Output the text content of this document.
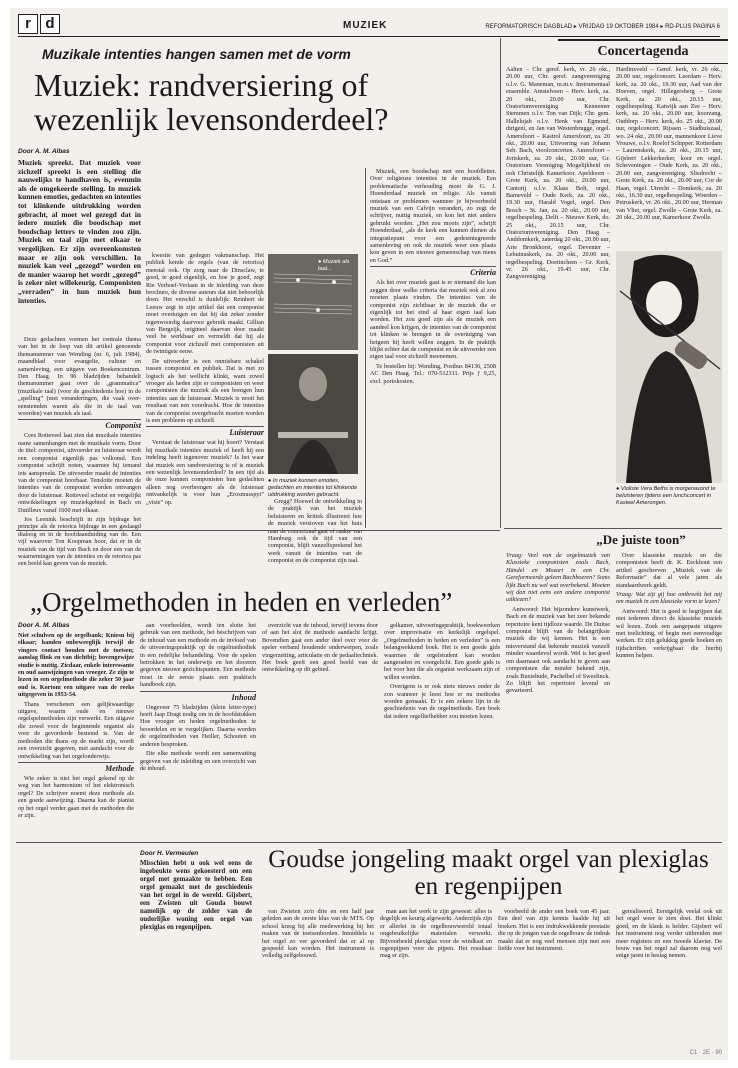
r d	MUZIEK	REFORMATORISCH DAGBLAD ▸ VRIJDAG 19 OKTOBER 1984 ▸ RD-PLUS PAGINA 6
Muzikale intenties hangen samen met de vorm
Muziek: randversiering of wezenlijk levensonderdeel?

Door A. M. Albas

Muziek spreekt. Dat muziek voor zichzelf spreekt is een stelling die nauwelijks te handhaven is, evenmin als de omgekeerde stelling. In muziek kunnen emoties, gedachten en intenties tot klinkende uitdrukking worden gebracht, al moet wel gezegd dat in iedere muziek die boodschap met boodschap letters te vinden zou zijn. Muziek en taal zijn met elkaar te vergelijken. Er zijn overeenkomsten maar er zijn ook verschillen. In muziek kan veel „gezegd” worden en de manier waarop het wordt „gezegd” is zeker niet willekeurig. Componisten „verraden” in hun muziek hun intenties.

Deze gedachten vormen het centrale thema van het in de loop van dit artikel genoemde themanummer van Wending (nr. 6, juli 1984), maandblad voor evangelie, cultuur en samenleving, een uitgave van Boekencentrum. Den Haag. In 96 bladzijden behandelt themanummer gaat over de „grammatica” (muzikale taal) (voor de geschiedenis hoe) in de „spelling” (met veranderingen, die vaak over- eenstemden waren als die in de taal van woorden) van muziek als taal.

Componist

Cees Rotteveel laat zien dat muzikale intenties nauw samenhangen met de muzikale vorm. Door de titel: componist, uitvoerder en luisteraar wordt een componist eigenlijk pas volkomd. Een componist schrijft noten, waarmee hij iemand iets aanspreekt. De uitvoerder maakt de intenties van de componist hoorbaar. Tenslotte moeten de intenties van de componist worden ontvangen door de luisteraar. Rotteveel schetst en vergelijkt ontwikkelingen op muziekgebied in Bach en Dutilleux vanaf 1600 met elkaar.

Jos Leenink beschrijft in zijn bijdrage het principe als de retorica bijdrage in een geslaagd dialoog en in de hoofdaanduiding van de. Een vijf waarover Ton Koopman hoor, dat er in de muziek van de tijd van Bach en door een van de waarnemingen van de intenties en de retorica pas een beeld kan geven van de muziek.

kwestie van gedegen vakmanschap. Het publiek kende de regels (van de retorica) meestal ook. Op zorg naar de Dinsclaw, te goed, te goed eigenlijk, en hoe je goed, zegt Rie Verhoef-Verlaan in de inleiding van deze brochure, de diverse auteurs dat niet behoorlijk doen. Het verschil is duidelijk: Reinhert de Leeuw zegt in zijn artikel dat een componist moet overtuigen en dat hij dat zeker zonder tegenwoordig daarvoor gebruik maakt. Gillian van Bergeijk, origineel daarvan door maakt veel be werkbaar en vermeldt dat hij als componist voor zichzelf met componisten uit de twintigste eeuw.

De uitvoerder is een onmisbare schakel tussen componist en publiek. Dat is met zo logisch als het wellicht klinkt, want zowel vroeger als heden zijn er componisten en weer componisten die muziek als een brengen hun intenties aan de luisteraar. Muziek is nooit het resultaat van een voordracht. Hoe de intenties van de componist overgebracht moeten worden is een probleem op zichzelf.

Luisteraar

Verstaat de luisteraar wat hij hoort? Verstaat hij muzikale intenties muziek of heeft hij een indeling heeft tegenover muziek? Is het waar dat muziek een randversiering is of is muziek een wezenlijk levensonderdeel? In een tijd als de onze kunnen componisten hun gedachten alleen nog overbrengen als de luisteraar ontvankelijk is voor hun „Erosmusspyt” „visie” op.

● Muziek als taal...
● In muziek kunnen emoties, gedachten en intenties tot klinkende uitdrukking worden gebracht.

Gregg? Hoewel de ontwikkeling in de praktijk van het muziek beluisteren en kritiek illustreert hoe de muziek verstoven van het huis naar de concertzaal gaat of raakte van Hamburg ook de tijd van een componist, blijft vanzelfsprekend het werk vanuit de intenties van de componist en de componist zijn taal.

Muziek, een boodschap met een hoofdletter. Over religieuze intenties in de muziek. Een problematische verhouding moet de G. J. Hoenderdaal muziek en religie. Als vanuit ontstaan er problemen wanneer je bijvoorbeeld muziek van een Calvijn verandert, zo zegt de schrijver, nuttig muziek, en kon het niet anders gebruikt worden. „Het zou moois zijn”, schrijft Hoenderdaal, „als de kerk een kunnen dienen als integratiepunt voor een gedesintegreerde samenleving en ook de muziek weer een plaats kon geven in een nieuwe gemeenschap van mens en God.”

Criteria

Als het over muziek gaat is er niemand die kan zeggen door welke criteria dat muziek ook al zou moeten plaats vinden. De intenties van de componist zijn zichtbaar in de muziek die er eigenlijk tot het eind al haar eigen taal kan worden. Het zou goed zijn als de muziek een aandeel kon krijgen, de intenties van de componist tot klinken te brengen in de overtuiging van hetgeen hij heeft willen zeggen. In de praktijk blijkt echter dat de componist en de uitvoerder een eigen taal voor zichzelf meenemen.

Te bestellen bij: Wending, Postbus 84136, 2508 AC Den Haag. Tel.: 070-512311. Prijs ƒ 9,25, excl. portokosten.

Concertagenda

Aalten – Chr. geref. kerk, vr. 26 okt., 20.00 uur, Chr. geref. zangvereniging o.l.v. G. Maneman, m.m.v. Instrumentaal ensemble. Amstelveen – Herv. kerk, za. 20 okt., 20.00 uur, Chr. Oratoriumvereniging Kennemer Stemmen o.l.v. Ton van Dijk; Chr. gem. Hallelujah o.l.v. Henk van Egmond, dirigent, en Jan van Westenbrugge, orgel. Amersfoort – Kastrol Amersfoort, za. 20 okt., 20.00 uur, Uitvoering van Johann Seb. Bach, vioolconcerten. Amersfoort – Joriskerk, za. 20 okt., 20.00 uur, Gr. Oratorium Vereniging Mogelijkheid en ook Christelijk Kamerkoor. Apeldoorn – Grote Kerk, za. 20 okt., 20.00 uur, Cantorij o.l.v. Klaas Bolt, orgel. Barneveld – Oude Kerk, za. 20 okt., 19.30 uur, Harald Vogel, orgel. Den Bosch – St. Jan, za. 20 okt., 20.00 uur, orgelbespeling. Delft – Nieuwe Kerk, do. 25 okt., 20.15 uur, Chr. Oratoriumvereniging. Den Haag – Anddomkerk, zaterdag 20 okt., 20.00 uur, Arie Bronkhorst, orgel. Deventer – Lebuinuskerk, za. 20 okt., 20.00 uur, orgelbespeling. Doetinchem – Gr. Kerk, vr. 26 okt., 19.45 uur, Chr. Zangvereniging.

Hardinxveld – Geref. kerk, vr. 26 okt., 20.00 uur, orgelconcert. Leerdam – Herv. kerk, za. 20 okt., 19.30 uur, Aad van der Hoeven, orgel. Hillegersberg – Grote Kerk, za. 20 okt., 20.15 uur, orgelbespeling. Katwijk aan Zee – Herv. kerk, za. 20 okt., 20.00 uur, koorzang. Ouddorp – Herv. kerk, do. 25 okt., 20.00 uur, orgelconcert. Rijssen – Stadhuiszaal, wo. 24 okt., 20.00 uur, mannenkoor Lieve Vrouwe, o.l.v. Roelof Schipper. Rotterdam – Laurenskerk, za. 20 okt., 20.15 uur, Gijsbert Lekkerkerker, koor en orgel. Scheveningen – Oude Kerk, za. 20 okt., 20.00 uur, zangvereniging. Sliedrecht – Grote Kerk, za. 20 okt., 20.00 uur, Cor de Haan, orgel. Utrecht – Domkerk, za. 20 okt., 16.30 uur, orgelbespeling. Woerden – Petruskerk, vr. 26 okt., 20.00 uur, Herman van Vliet, orgel. Zwolle – Grote Kerk, za. 20 okt., 20.00 uur, Kamerkoor Zwolle.

● Violiste Vera Beths is morgenavond te beluisteren tijdens een lunchconcert in Kasteel Amerongen.
„De juiste toon”

Vraag: Veel van de orgelmuziek van Klassieke componisten zoals Bach, Händel en Mozart in een Chr. Gereformeerde geleen Bachboeren? Soms lijkt Bach nu wel wat overbekend. Moeten wij dan niet eens een andere componist uitkiezen?

Antwoord: Het bijzondere kunstwerk, Bach en de muziek van het zeer bekende repertoire kent tijdloze waarde. De Duitse componist blijft van de belangrijkste muziek die wij kennen. Het is een misverstand dat bekende muziek vanzelf minder waardevol wordt. Wel is het goed om daarnaast ook aandacht te geven aan componisten die minder bekend zijn, zoals Buxtehude, Pachelbel of Sweelinck. Zo blijft het repertoire levend en gevarieerd.

Over klassieke muziek en die componisten heeft dr. K. Eeckhout een artikel geschreven „Muziek van de Reformatie” dat al vele jaren als standaardwerk geldt.

Vraag: Wat zijt gij hoe ontbreekt het mij om muziek in een klassieke vorm te lezen?

Antwoord: Het is goed te begrijpen dat niet iedereen direct de klassieke muziek wil lezen. Zoek een aangepaste uitgave met toelichting, of begin met eenvoudige werken. Er zijn gelukkig goede boeken en tijdschriften verkrijgbaar die hierbij kunnen helpen.

„Orgelmethoden in heden en verleden”

Door A. M. Albas

Niet schulven op de orgelbank; Kniesn bij elkaar; handen onbeweeglijk terwijl de vingers contact houden met de toetsen; aanslag flink en van dichtbij; bovengewijze studie is nuttig. Zicdaar, enkele interessante en oud aanwijzingen van vroeger. Ze zijn te lezen in een orgelmethode die zeker 50 jaar oud is. Kortom een uitgave van de reeks uitgegeven in 1953-54.

Thans verschenen een gelijkwaardige uitgave, waarin oude en nieuwe orgelspelmethoden zijn verwerkt. Een uitgave die zowel voor de beginnende organist als voor de gevorderde bestemd is. Van de methoden die thans op de markt zijn, wordt een overzicht gegeven, met aandacht voor de ontwikkeling van het orgelonderwijs.

Methode

Wie zeker is niet het orgel gekend op de weg van het harmonium of het elektronisch orgel? De schrijver noemt deze methode als een goede aanwijzing. Daarna kan de pianist op het orgel verder gaan met de methoden die er zijn.

aan voorbeelden, wordt ten slotte het gebruik van een methode, het beschrijven van de inhoud van een methode en de invloed van de uitvoeringspraktijk op de orgelmethodiek in een redelijke behandeling. Voor de spelen betrokken in het onderwijs en het doceren gegeven nieuwe gezichtspunten. Een methode moet in de eerste plaats een praktisch handboek zijn.

Inhoud

Ongeveer 75 bladzijden (klein letter-type) heeft Jaap Dragt nodig om in de hoofdstukken Hoe vroeger en heden orgelmethoden te beoordelen en te vergelijken. Daarna worden de orgelmethoden van Heiller, Schouten en anderen besproken.

Die elke methode wordt een samenvatting gegeven van de inleiding en een overzicht van de inhoud.

overzicht van de inhoud, terwijl tevens door of aan het slot de methode aandacht krijgt. Bovendien gaat een ander deel over voor de speler verband houdende onderwerpen, zoals vingerzetting, articulatie en de pedaaltechniek. Het boek geeft een goed beeld van de ontwikkeling op dit gebied.

gelkamer, uitvoeringspraktijk, boekweerken over improvisatie en kerkelijk orgelspel. „Orgelmethoden in heden en verleden” is een belangwekkend boek. Het is een goede gids waarmee de orgelstudent kan worden aangeraden en voorgelicht. Een goede gids is het voor hen die als organist werkzaam zijn of willen worden.

Overigens is er ook niets nieuws onder de zon wanneer je leest hoe er nu methodes worden gemaakt. Er is een zekere lijn in de geschiedenis van de orgelmethode. Een boek dat iedere orgelliefhebber zou moeten lezen.

Goudse jongeling maakt orgel van plexiglas en regenpijpen

Door H. Vermeulen

Misschien hebt u ook wel eens de ingebeukte wens gekoesterd om een orgel met gemaakte te hebben. Een orgel gemaakt met de geschiedenis van het orgel in de wereld. Gijsbert, een Zwisten uit Gouda bouwt namelijk op de zolder van de ouderlijke woning een orgel van plexiglas en regenpijpen.

van Zwieten zo'n drie en een half jaar geleden aan de eerste klus van de MTS. Op school kreeg hij alle medewerking bij het maken van de toetsenborden. Inmiddels is het orgel zo ver gevorderd dat er al op gespeeld kan worden. Het instrument is volledig zelfgebouwd.

man aan het werk te zijn geweest: alles is degelijk en keurig afgewerkt. Anderzijds zijn er allerlei in de orgelbouwwereld totaal ongebruikelijke materialen verwerkt. Bijvoorbeeld plexiglas voor de windkast en regenpijpen voor de pijpen. Het resultaat mag er zijn.

voorbeeld de ander een boek van 45 jaar. Een deel van zijn kennis haalde hij uit boeken. Het is een indrukwekkende prestatie die op de jongen van de orgelbouw de indruk maakt dat er nog veel mensen zijn met een liefde voor het instrument.

gerealiseerd. Eerstgelijk veelal ook uit het orgel weer te zien doet. Het klinkt goed, en de klank is helder. Gijsbert wil het instrument nog verder uitbreiden met meer registers en een tweede klavier. De bouw van het orgel zal daarom nog wel enige jaren in beslag nemen.

C1 · 2E · 90
